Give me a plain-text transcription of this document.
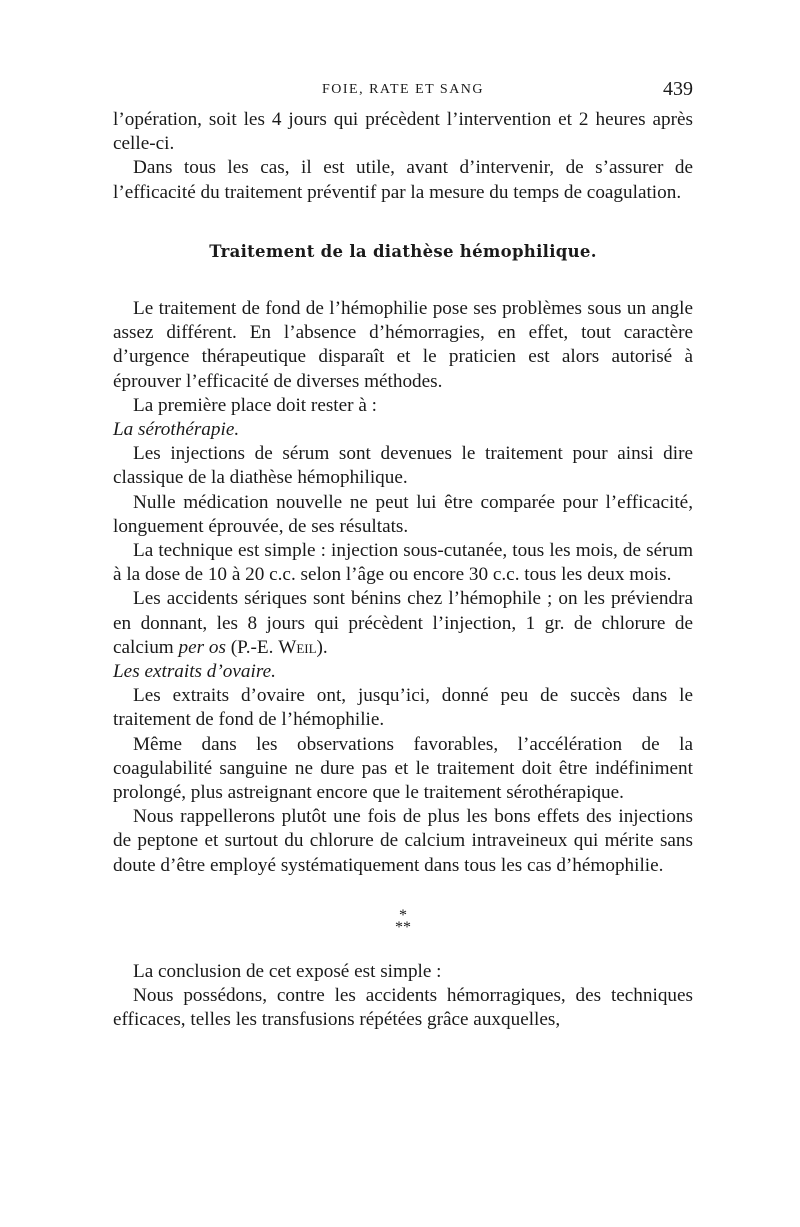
FOIE, RATE ET SANG	439

l’opération, soit les 4 jours qui précèdent l’intervention et 2 heures après celle-ci.

Dans tous les cas, il est utile, avant d’intervenir, de s’assurer de l’efficacité du traitement préventif par la mesure du temps de coagulation.

Traitement de la diathèse hémophilique.

Le traitement de fond de l’hémophilie pose ses problèmes sous un angle assez différent. En l’absence d’hémorragies, en effet, tout caractère d’urgence thérapeutique disparaît et le praticien est alors autorisé à éprouver l’efficacité de diverses méthodes.

La première place doit rester à :

La sérothérapie.

Les injections de sérum sont devenues le traitement pour ainsi dire classique de la diathèse hémophilique.

Nulle médication nouvelle ne peut lui être comparée pour l’efficacité, longuement éprouvée, de ses résultats.

La technique est simple : injection sous-cutanée, tous les mois, de sérum à la dose de 10 à 20 c.c. selon l’âge ou encore 30 c.c. tous les deux mois.

Les accidents sériques sont bénins chez l’hémophile ; on les préviendra en donnant, les 8 jours qui précèdent l’injection, 1 gr. de chlorure de calcium per os (P.-E. Weil).

Les extraits d’ovaire.

Les extraits d’ovaire ont, jusqu’ici, donné peu de succès dans le traitement de fond de l’hémophilie.

Même dans les observations favorables, l’accélération de la coagulabilité sanguine ne dure pas et le traitement doit être indéfiniment prolongé, plus astreignant encore que le traitement sérothérapique.

Nous rappellerons plutôt une fois de plus les bons effets des injections de peptone et surtout du chlorure de calcium intraveineux qui mérite sans doute d’être employé systématiquement dans tous les cas d’hémophilie.

*
**

La conclusion de cet exposé est simple :

Nous possédons, contre les accidents hémorragiques, des techniques efficaces, telles les transfusions répétées grâce auxquelles,
